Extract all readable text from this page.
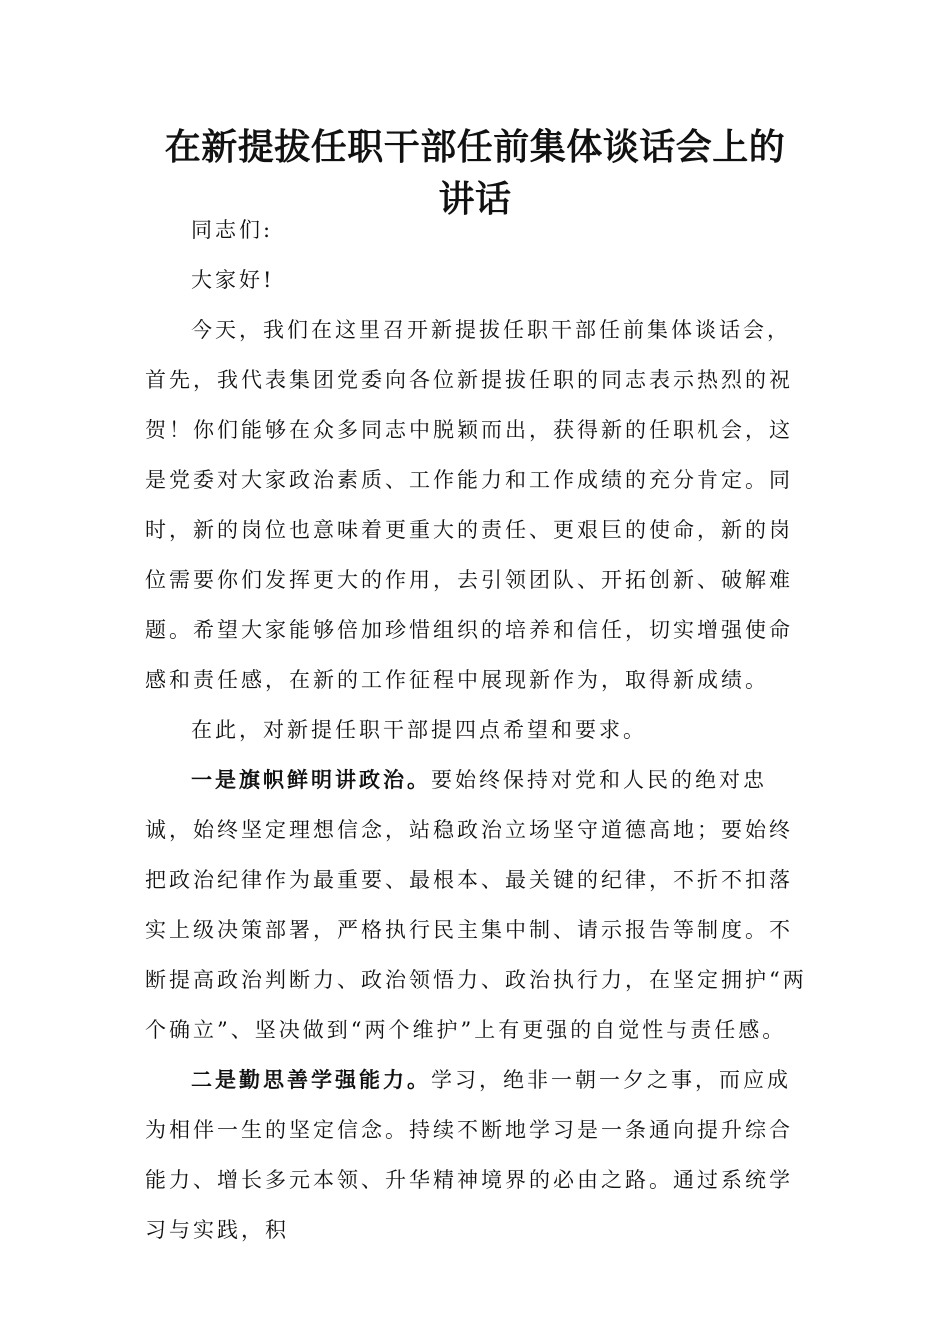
在新提拔任职干部任前集体谈话会上的讲话

同志们:

大家好!

今天，我们在这里召开新提拔任职干部任前集体谈话会，首先，我代表集团党委向各位新提拔任职的同志表示热烈的祝贺！你们能够在众多同志中脱颖而出，获得新的任职机会，这是党委对大家政治素质、工作能力和工作成绩的充分肯定。同时，新的岗位也意味着更重大的责任、更艰巨的使命，新的岗位需要你们发挥更大的作用，去引领团队、开拓创新、破解难题。希望大家能够倍加珍惜组织的培养和信任，切实增强使命感和责任感，在新的工作征程中展现新作为，取得新成绩。

在此，对新提任职干部提四点希望和要求。

一是旗帜鲜明讲政治。要始终保持对党和人民的绝对忠诚，始终坚定理想信念，站稳政治立场坚守道德高地；要始终把政治纪律作为最重要、最根本、最关键的纪律，不折不扣落实上级决策部署，严格执行民主集中制、请示报告等制度。不断提高政治判断力、政治领悟力、政治执行力，在坚定拥护“两个确立”、坚决做到“两个维护”上有更强的自觉性与责任感。

二是勤思善学强能力。学习，绝非一朝一夕之事，而应成为相伴一生的坚定信念。持续不断地学习是一条通向提升综合能力、增长多元本领、升华精神境界的必由之路。通过系统学习与实践，积
